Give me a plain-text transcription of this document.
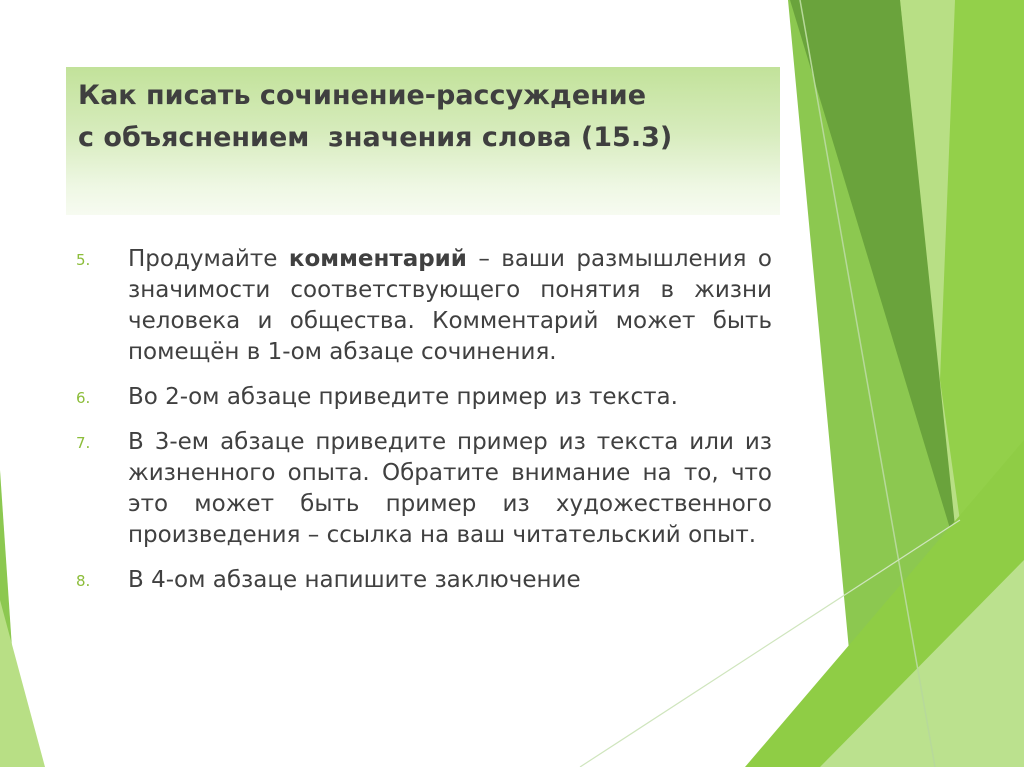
Как писать сочинение-рассуждение
с объяснением  значения слова (15.3)
5. Продумайте комментарий – ваши размышления о значимости соответствующего понятия в жизни человека и общества. Комментарий может быть помещён в 1-ом абзаце сочинения.
6. Во 2-ом абзаце приведите пример из текста.
7. В 3-ем абзаце приведите пример из текста или из жизненного опыта. Обратите внимание на то, что это может быть пример из художественного произведения – ссылка на ваш читательский опыт.
8. В 4-ом абзаце напишите заключение
